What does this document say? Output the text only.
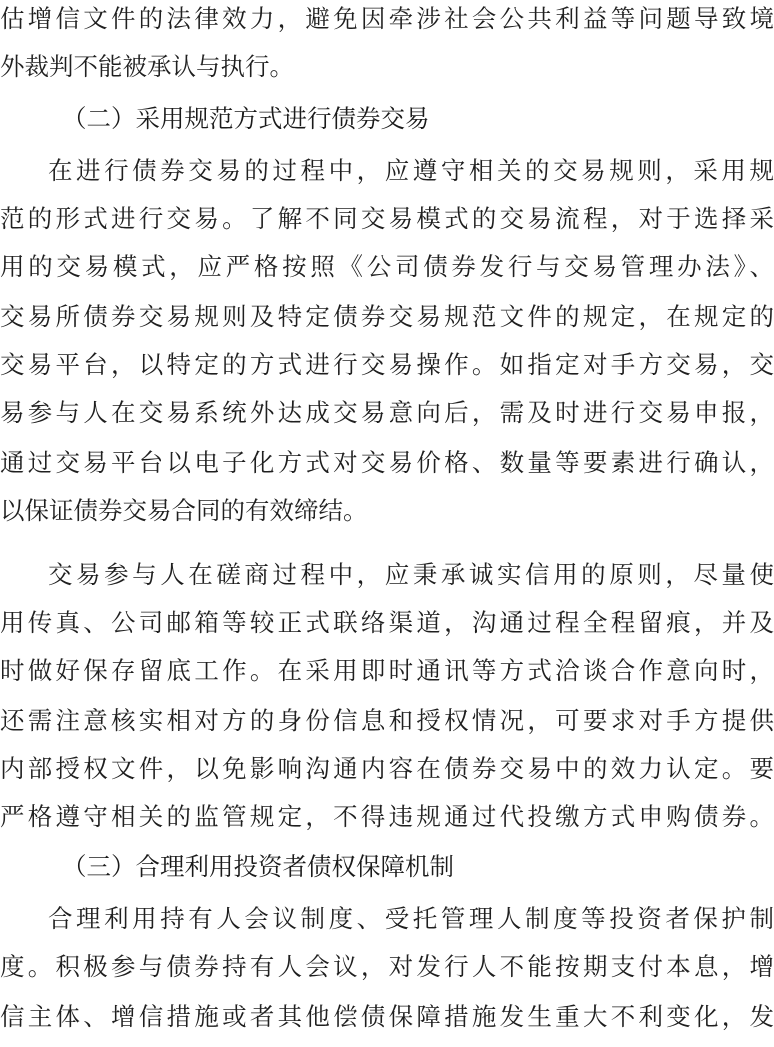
估增信文件的法律效力，避免因牵涉社会公共利益等问题导致境
外裁判不能被承认与执行。
（二）采用规范方式进行债券交易
在进行债券交易的过程中，应遵守相关的交易规则，采用规
范的形式进行交易。了解不同交易模式的交易流程，对于选择采
用的交易模式，应严格按照《公司债券发行与交易管理办法》、
交易所债券交易规则及特定债券交易规范文件的规定，在规定的
交易平台，以特定的方式进行交易操作。如指定对手方交易，交
易参与人在交易系统外达成交易意向后，需及时进行交易申报，
通过交易平台以电子化方式对交易价格、数量等要素进行确认，
以保证债券交易合同的有效缔结。
交易参与人在磋商过程中，应秉承诚实信用的原则，尽量使
用传真、公司邮箱等较正式联络渠道，沟通过程全程留痕，并及
时做好保存留底工作。在采用即时通讯等方式洽谈合作意向时，
还需注意核实相对方的身份信息和授权情况，可要求对手方提供
内部授权文件，以免影响沟通内容在债券交易中的效力认定。要
严格遵守相关的监管规定，不得违规通过代投缴方式申购债券。
（三）合理利用投资者债权保障机制
合理利用持有人会议制度、受托管理人制度等投资者保护制
度。积极参与债券持有人会议，对发行人不能按期支付本息，增
信主体、增信措施或者其他偿债保障措施发生重大不利变化，发
